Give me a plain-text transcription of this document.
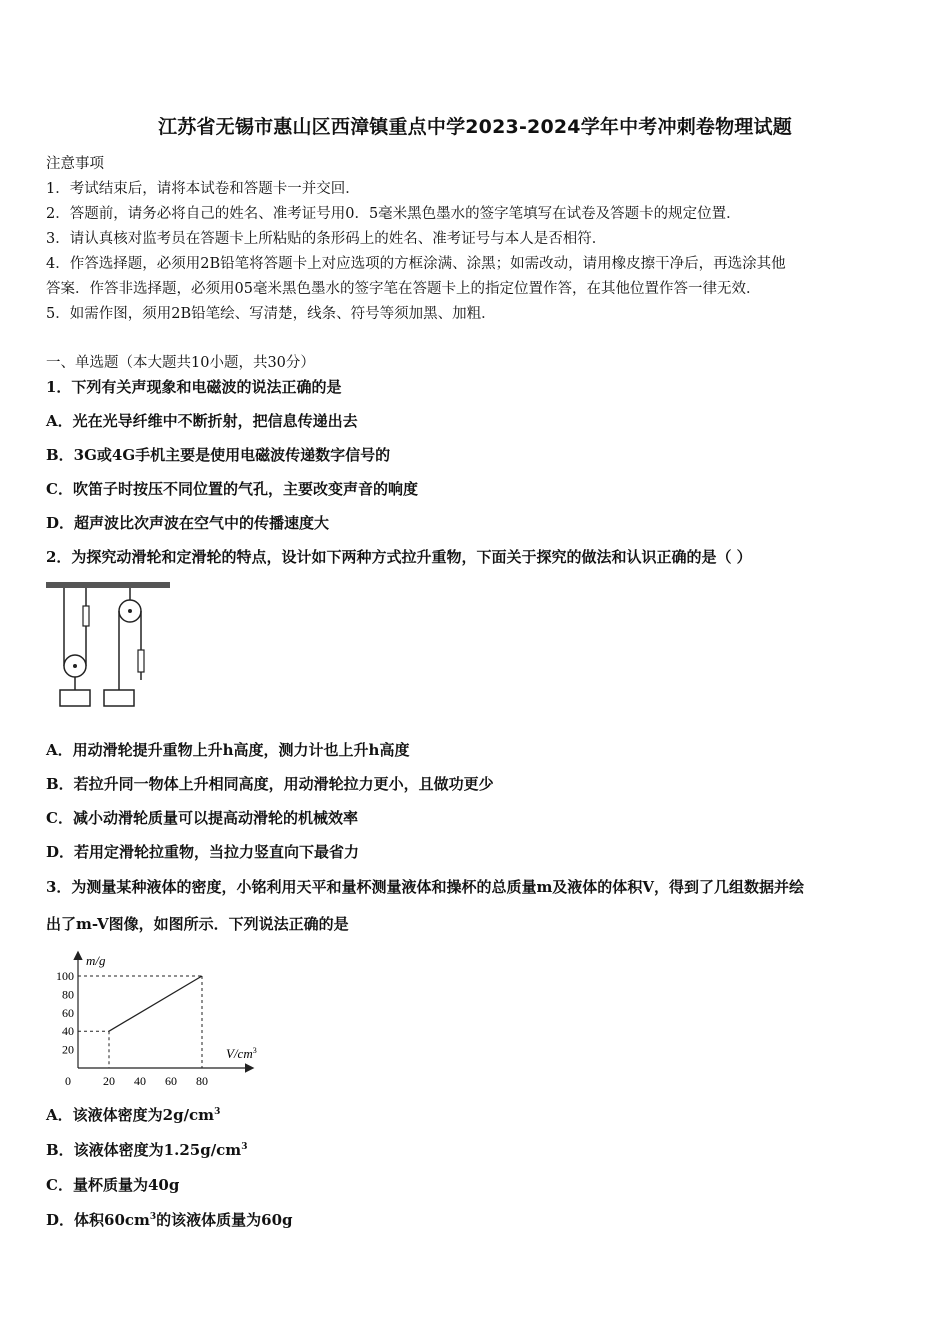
江苏省无锡市惠山区西漳镇重点中学2023-2024学年中考冲刺卷物理试题
注意事项
1．考试结束后，请将本试卷和答题卡一并交回．
2．答题前，请务必将自己的姓名、准考证号用0．5毫米黑色墨水的签字笔填写在试卷及答题卡的规定位置．
3．请认真核对监考员在答题卡上所粘贴的条形码上的姓名、准考证号与本人是否相符．
4．作答选择题，必须用2B铅笔将答题卡上对应选项的方框涂满、涂黑；如需改动，请用橡皮擦干净后，再选涂其他
答案．作答非选择题，必须用05毫米黑色墨水的签字笔在答题卡上的指定位置作答，在其他位置作答一律无效．
5．如需作图，须用2B铅笔绘、写清楚，线条、符号等须加黑、加粗．
一、单选题（本大题共10小题，共30分）
1．下列有关声现象和电磁波的说法正确的是
A．光在光导纤维中不断折射，把信息传递出去
B．3G或4G手机主要是使用电磁波传递数字信号的
C．吹笛子时按压不同位置的气孔，主要改变声音的响度
D．超声波比次声波在空气中的传播速度大
2．为探究动滑轮和定滑轮的特点，设计如下两种方式拉升重物，下面关于探究的做法和认识正确的是（ ）
A．用动滑轮提升重物上升h高度，测力计也上升h高度
B．若拉升同一物体上升相同高度，用动滑轮拉力更小，且做功更少
C．减小动滑轮质量可以提高动滑轮的机械效率
D．若用定滑轮拉重物，当拉力竖直向下最省力
3．为测量某种液体的密度，小铭利用天平和量杯测量液体和操杯的总质量m及液体的体积V，得到了几组数据并绘
出了m-V图像，如图所示．下列说法正确的是
m/g
$V/cm^3$
0	20 40 60 80
20
40
60
80
100
A．该液体密度为$2g/cm^3$
B．该液体密度为$1.25g/cm^3$
C．量杯质量为40g
D．体积$60cm^3$的该液体质量为60g
